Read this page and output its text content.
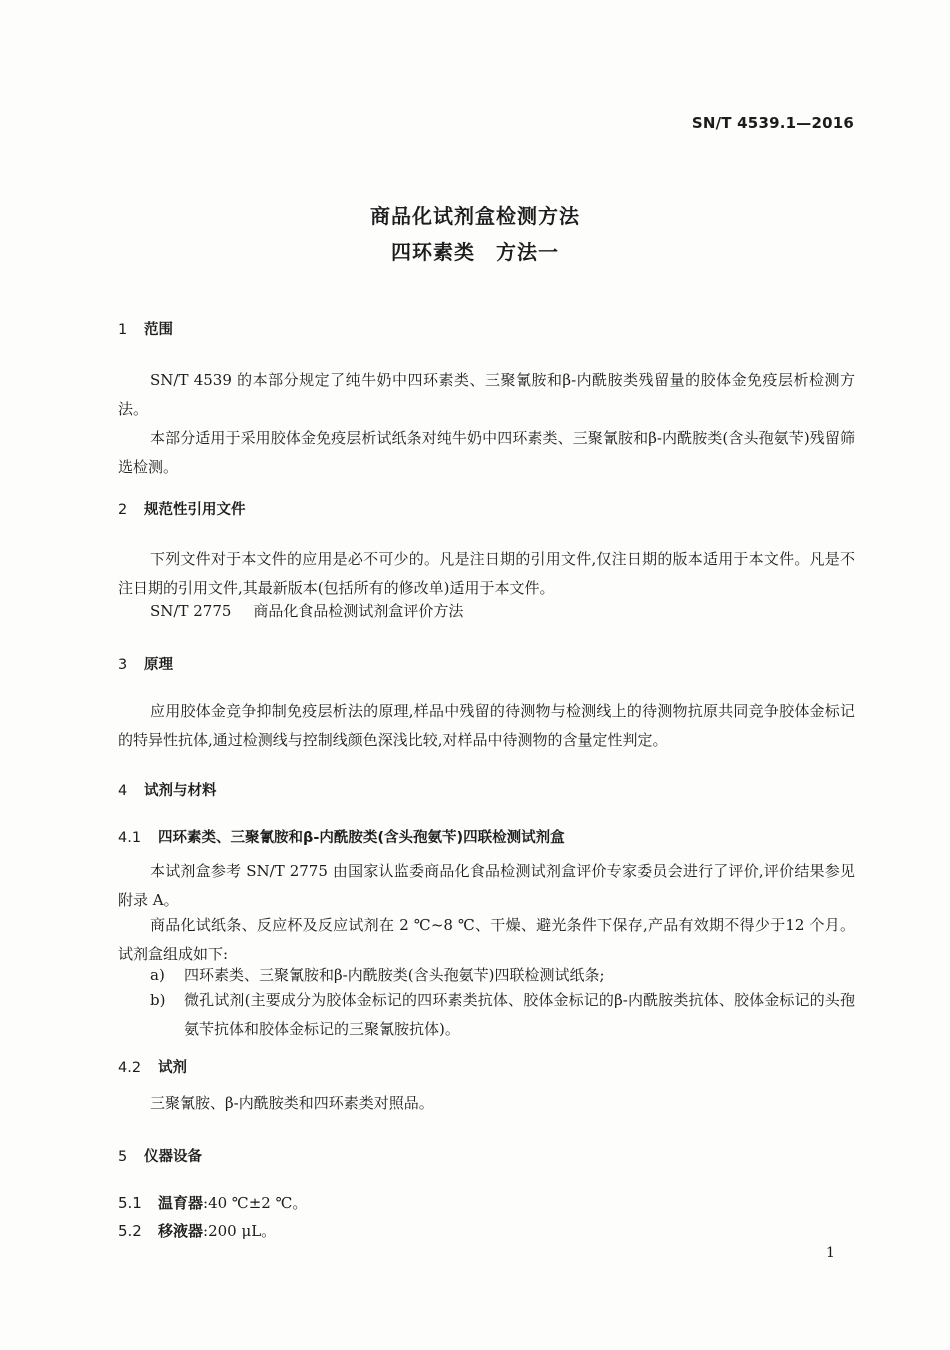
SN/T 4539.1—2016
商品化试剂盒检测方法
四环素类　方法一
1 范围

SN/T 4539 的本部分规定了纯牛奶中四环素类、三聚氰胺和β-内酰胺类残留量的胶体金免疫层析检测方法。

本部分适用于采用胶体金免疫层析试纸条对纯牛奶中四环素类、三聚氰胺和β-内酰胺类(含头孢氨苄)残留筛选检测。

2 规范性引用文件

下列文件对于本文件的应用是必不可少的。凡是注日期的引用文件,仅注日期的版本适用于本文件。凡是不注日期的引用文件,其最新版本(包括所有的修改单)适用于本文件。

SN/T 2775 商品化食品检测试剂盒评价方法
3 原理

应用胶体金竞争抑制免疫层析法的原理,样品中残留的待测物与检测线上的待测物抗原共同竞争胶体金标记的特异性抗体,通过检测线与控制线颜色深浅比较,对样品中待测物的含量定性判定。

4 试剂与材料
4.1 四环素类、三聚氰胺和β-内酰胺类(含头孢氨苄)四联检测试剂盒

本试剂盒参考 SN/T 2775 由国家认监委商品化食品检测试剂盒评价专家委员会进行了评价,评价结果参见附录 A。

商品化试纸条、反应杯及反应试剂在 2 ℃~8 ℃、干燥、避光条件下保存,产品有效期不得少于12 个月。试剂盒组成如下:

a)	四环素类、三聚氰胺和β-内酰胺类(含头孢氨苄)四联检测试纸条;
b)	微孔试剂(主要成分为胶体金标记的四环素类抗体、胶体金标记的β-内酰胺类抗体、胶体金标记的头孢氨苄抗体和胶体金标记的三聚氰胺抗体)。
4.2 试剂

三聚氰胺、β-内酰胺类和四环素类对照品。

5 仪器设备
5.1 温育器:40 ℃±2 ℃。
5.2 移液器:200 μL。
1
